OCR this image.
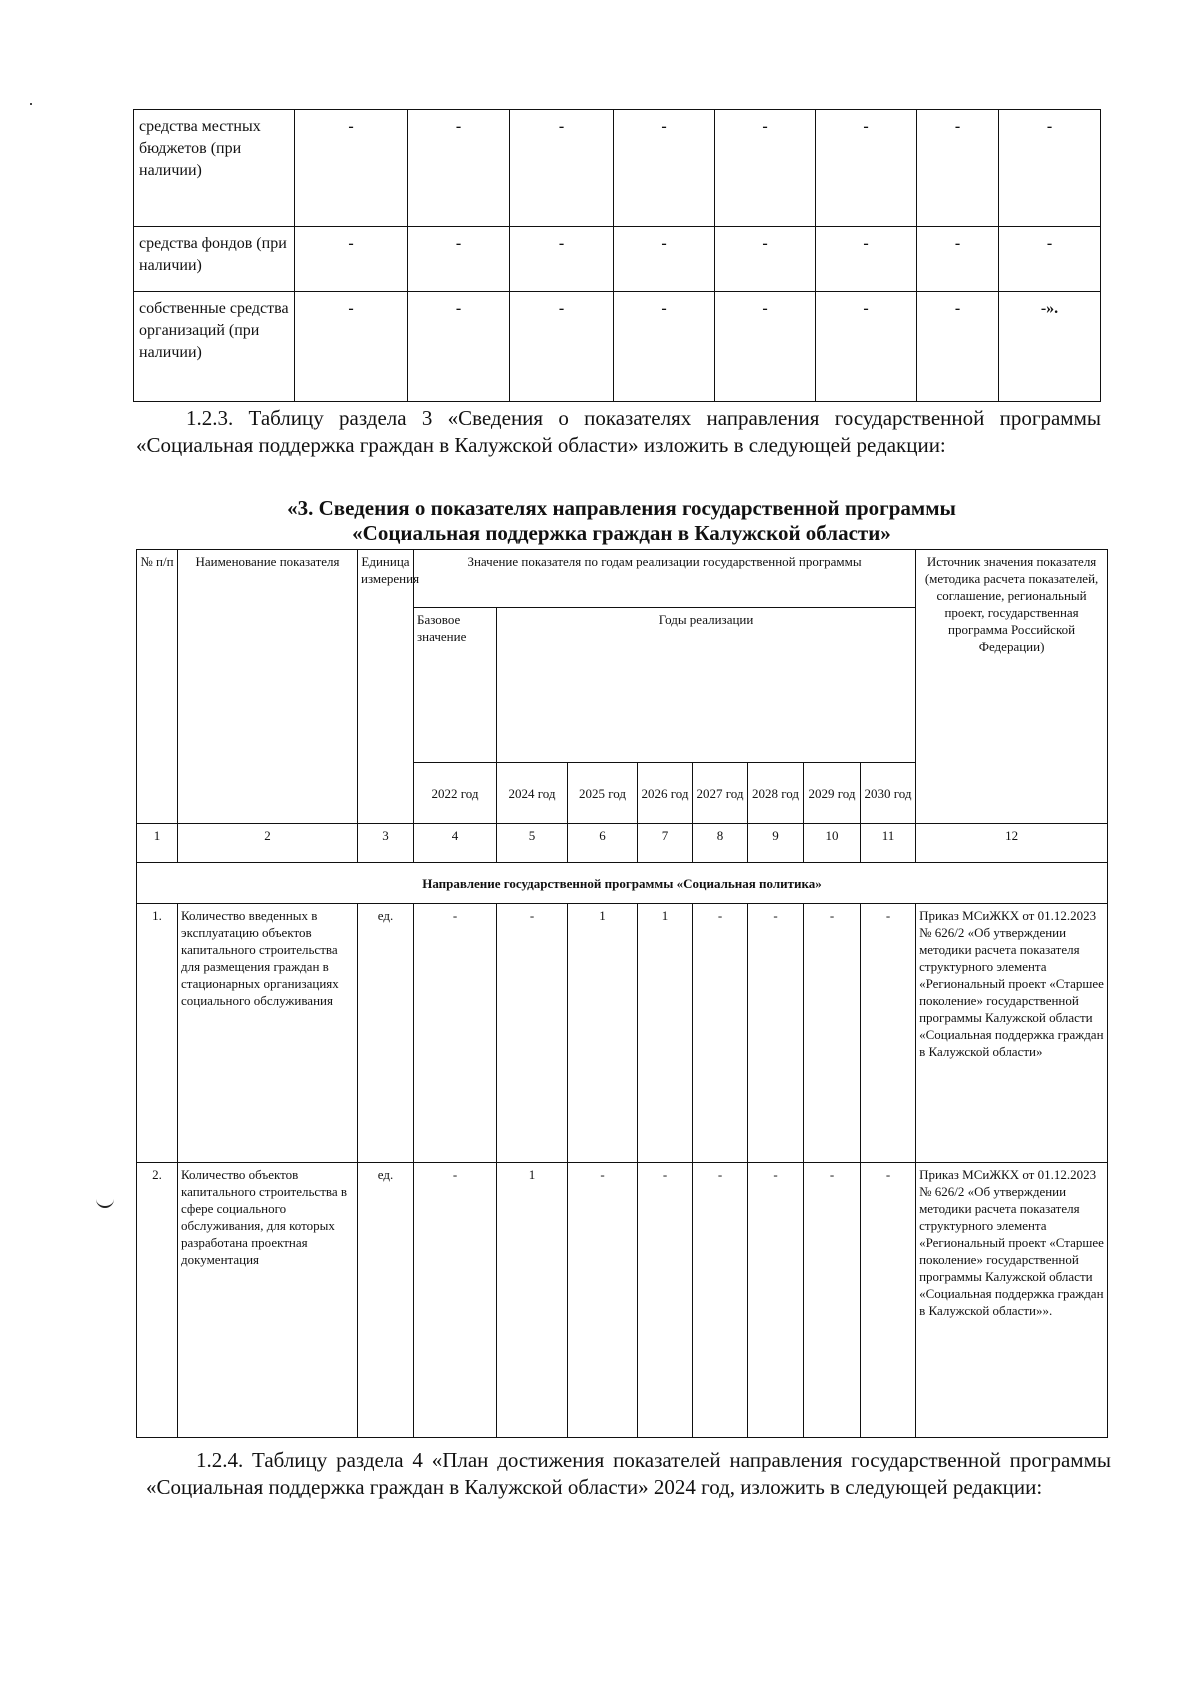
средства местных бюджетов (при наличии)	-	-	-	-	-	-	-	-
средства фондов (при наличии)	-	-	-	-	-	-	-	-
собственные средства организаций (при наличии)	-	-	-	-	-	-	-	-».
1.2.3. Таблицу раздела 3 «Сведения о показателях направления государственной программы «Социальная поддержка граждан в Калужской области» изложить в следующей редакции:
«3. Сведения о показателях направления государственной программы
«Социальная поддержка граждан в Калужской области»
№ п/п	Наименование показателя	Единица измерения	Значение показателя по годам реализации государственной программы								Источник значения показателя (методика расчета показателей, соглашение, региональный проект, государственная программа Российской Федерации)
			Базовое значение	Годы реализации							
			2022 год	2024 год	2025 год	2026 год	2027 год	2028 год	2029 год	2030 год	
1	2	3	4	5	6	7	8	9	10	11	12
Направление государственной программы «Социальная политика»											
1.	Количество введенных в эксплуатацию объектов капитального строительства для размещения граждан в стационарных организациях социального обслуживания	ед.	-	-	1	1	-	-	-	-	Приказ МСиЖКХ от 01.12.2023 № 626/2 «Об утверждении методики расчета показателя структурного элемента «Региональный проект «Старшее поколение» государственной программы Калужской области «Социальная поддержка граждан в Калужской области»
2.	Количество объектов капитального строительства в сфере социального обслуживания, для которых разработана проектная документация	ед.	-	1	-	-	-	-	-	-	Приказ МСиЖКХ от 01.12.2023 № 626/2 «Об утверждении методики расчета показателя структурного элемента «Региональный проект «Старшее поколение» государственной программы Калужской области «Социальная поддержка граждан в Калужской области»».
1.2.4. Таблицу раздела 4 «План достижения показателей направления государственной программы «Социальная поддержка граждан в Калужской области» 2024 год, изложить в следующей редакции:
